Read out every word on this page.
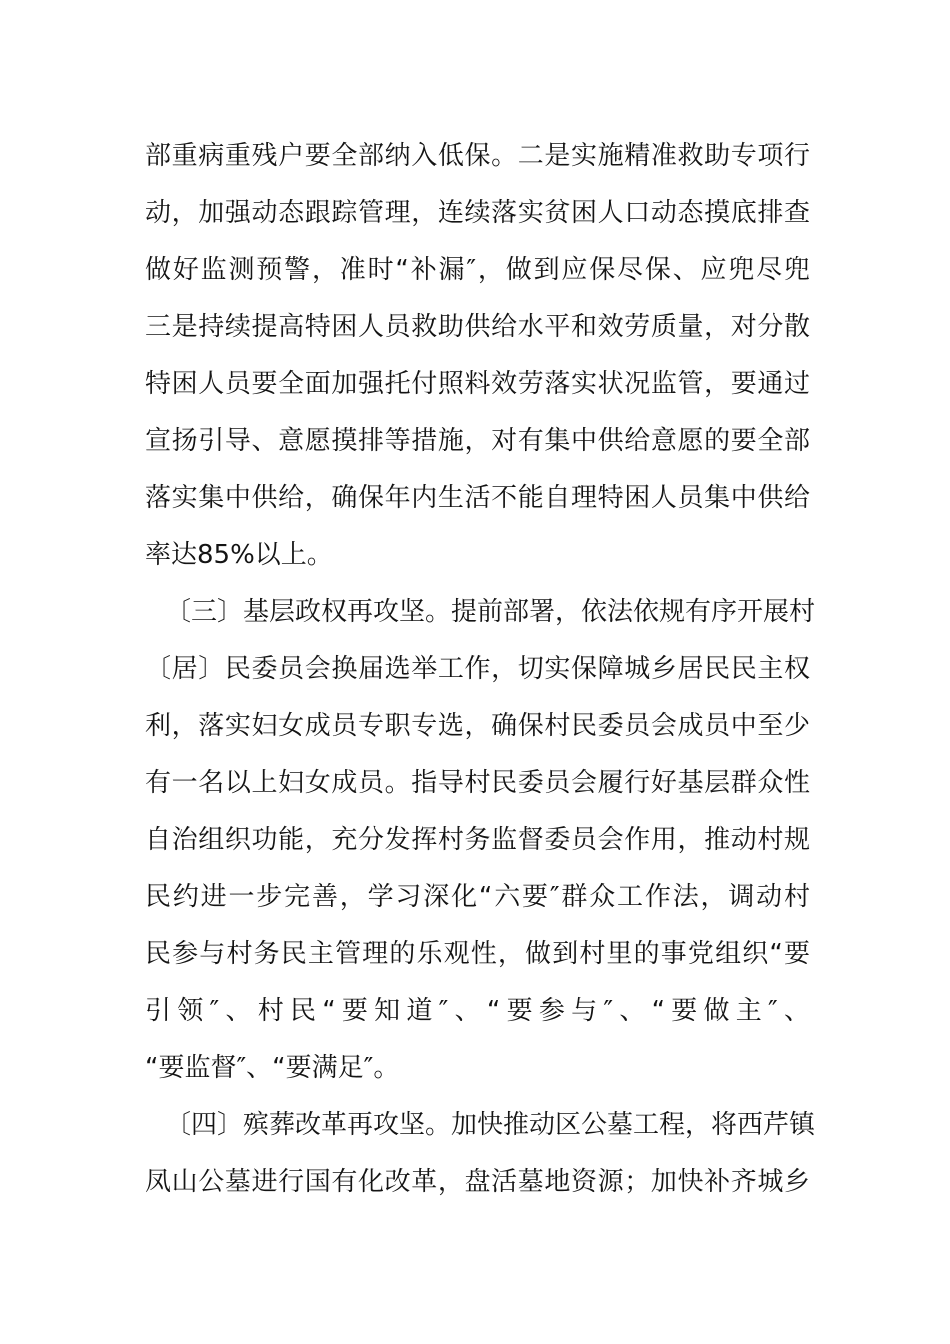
部重病重残户要全部纳入低保。二是实施精准救助专项行
动，加强动态跟踪管理，连续落实贫困人口动态摸底排查
做好监测预警，准时“补漏″，做到应保尽保、应兜尽兜
三是持续提高特困人员救助供给水平和效劳质量，对分散
特困人员要全面加强托付照料效劳落实状况监管，要通过
宣扬引导、意愿摸排等措施，对有集中供给意愿的要全部
落实集中供给，确保年内生活不能自理特困人员集中供给
率达85%以上。
〔三〕基层政权再攻坚。提前部署，依法依规有序开展村
〔居〕民委员会换届选举工作，切实保障城乡居民民主权
利，落实妇女成员专职专选，确保村民委员会成员中至少
有一名以上妇女成员。指导村民委员会履行好基层群众性
自治组织功能，充分发挥村务监督委员会作用，推动村规
民约进一步完善，学习深化“六要″群众工作法，调动村
民参与村务民主管理的乐观性，做到村里的事党组织“要
引领″、村民“要知道″、“要参与″、“要做主″、
“要监督″、“要满足″。
〔四〕殡葬改革再攻坚。加快推动区公墓工程，将西芹镇
凤山公墓进行国有化改革，盘活墓地资源；加快补齐城乡
